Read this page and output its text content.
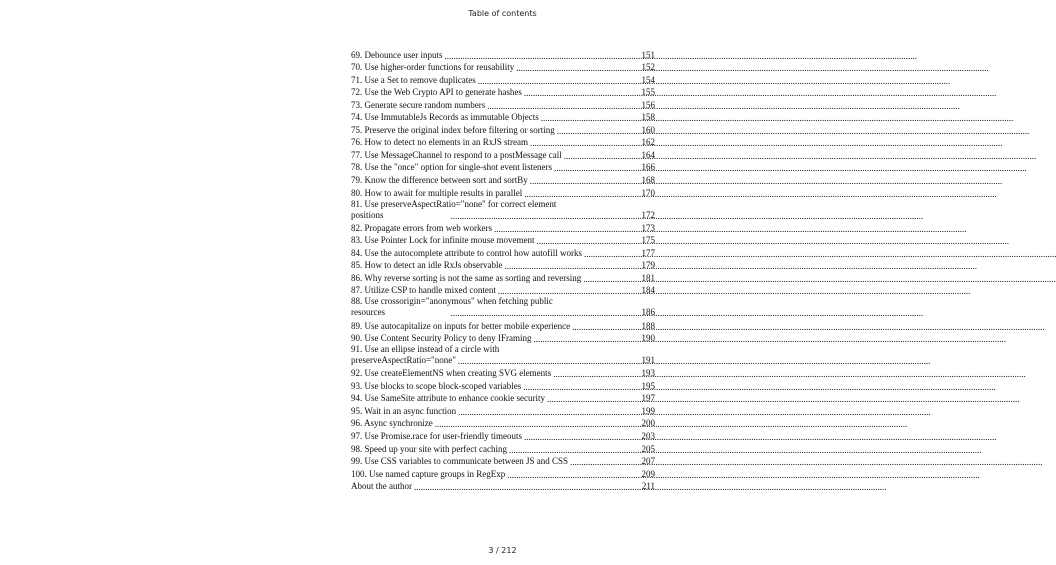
Table of contents
69. Debounce user inputs .....	151
70. Use higher-order functions for reusability .....	152
71. Use a Set to remove duplicates .....	154
72. Use the Web Crypto API to generate hashes .....	155
73. Generate secure random numbers .....	156
74. Use ImmutableJs Records as immutable Objects .....	158
75. Preserve the original index before filtering or sorting .....	160
76. How to detect no elements in an RxJS stream .....	162
77. Use MessageChannel to respond to a postMessage call .....	164
78. Use the "once" option for single-shot event listeners .....	166
79. Know the difference between sort and sortBy .....	168
80. How to await for multiple results in parallel .....	170
81. Use preserveAspectRatio="none" for correct element
positions .....	172
82. Propagate errors from web workers .....	173
83. Use Pointer Lock for infinite mouse movement .....	175
84. Use the autocomplete attribute to control how autofill works .....	177
85. How to detect an idle RxJs observable .....	179
86. Why reverse sorting is not the same as sorting and reversing .....	181
87. Utilize CSP to handle mixed content .....	184
88. Use crossorigin="anonymous" when fetching public
resources .....	186
89. Use autocapitalize on inputs for better mobile experience .....	188
90. Use Content Security Policy to deny IFraming .....	190
91. Use an ellipse instead of a circle with
preserveAspectRatio="none" .....	191
92. Use createElementNS when creating SVG elements .....	193
93. Use blocks to scope block-scoped variables .....	195
94. Use SameSite attribute to enhance cookie security .....	197
95. Wait in an async function .....	199
96. Async synchronize .....	200
97. Use Promise.race for user-friendly timeouts .....	203
98. Speed up your site with perfect caching .....	205
99. Use CSS variables to communicate between JS and CSS .....	207
100. Use named capture groups in RegExp .....	209
About the author .....	211
3 / 212
